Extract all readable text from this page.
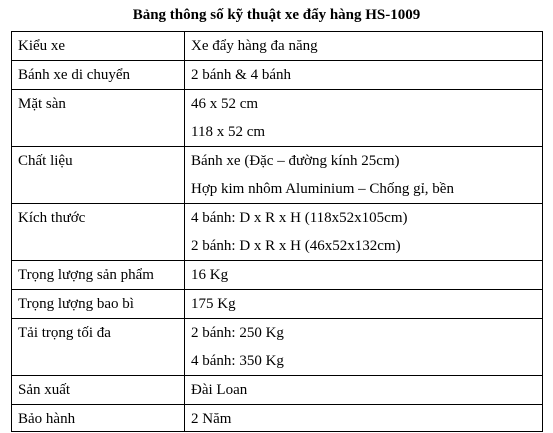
Bảng thông số kỹ thuật xe đẩy hàng HS-1009
Kiểu xe	Xe đẩy hàng đa năng

Bánh xe di chuyển	2 bánh & 4 bánh

Mặt sàn	46 x 52 cm
118 x 52 cm

Chất liệu	Bánh xe (Đặc – đường kính 25cm)
Hợp kim nhôm Aluminium – Chống gỉ, bền

Kích thước	4 bánh: D x R x H (118x52x105cm)
2 bánh: D x R x H (46x52x132cm)

Trọng lượng sản phẩm	16 Kg

Trọng lượng bao bì	175 Kg

Tải trọng tối đa	2 bánh: 250 Kg
4 bánh: 350 Kg

Sản xuất	Đài Loan

Bảo hành	2 Năm
